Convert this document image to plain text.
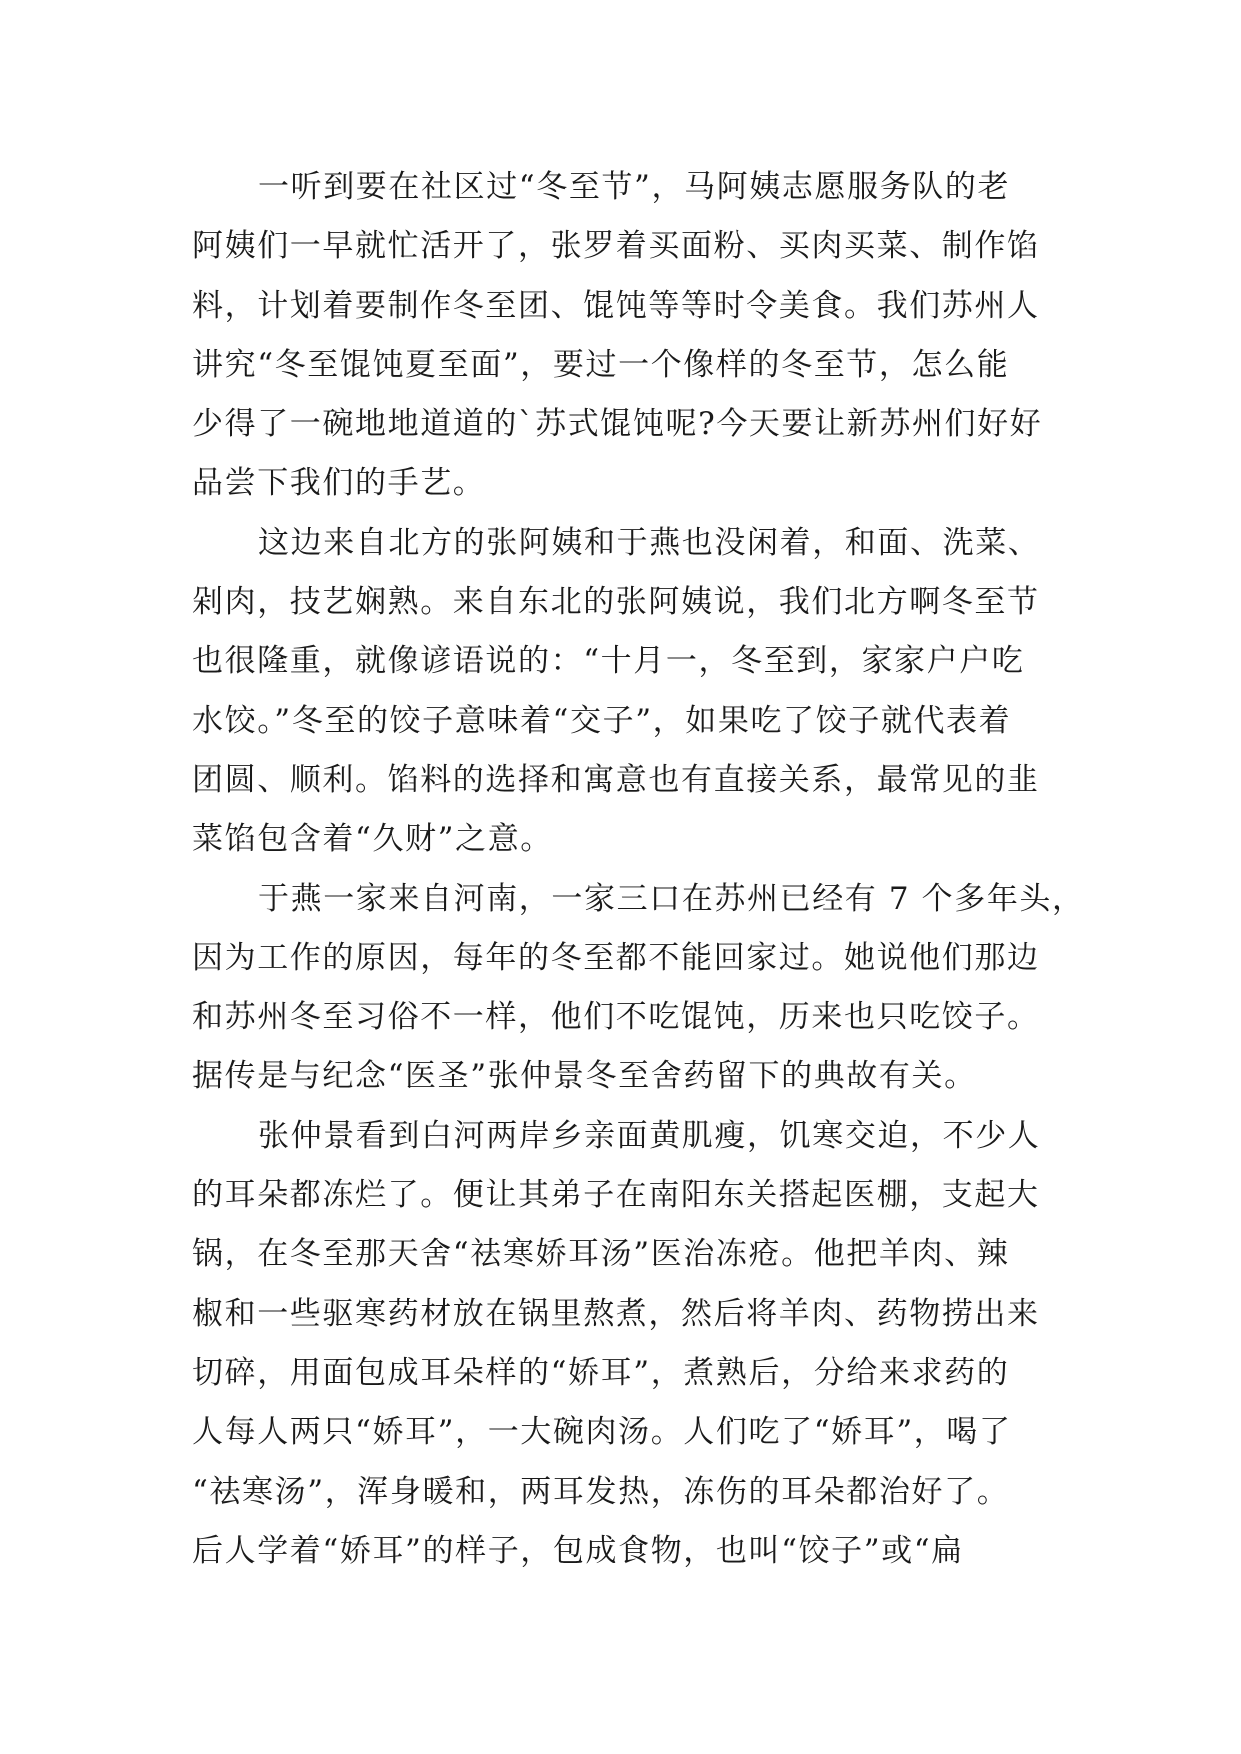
一听到要在社区过“冬至节”，马阿姨志愿服务队的老
阿姨们一早就忙活开了，张罗着买面粉、买肉买菜、制作馅
料，计划着要制作冬至团、馄饨等等时令美食。我们苏州人
讲究“冬至馄饨夏至面”，要过一个像样的冬至节，怎么能
少得了一碗地地道道的`苏式馄饨呢?今天要让新苏州们好好
品尝下我们的手艺。
这边来自北方的张阿姨和于燕也没闲着，和面、洗菜、
剁肉，技艺娴熟。来自东北的张阿姨说，我们北方啊冬至节
也很隆重，就像谚语说的：“十月一，冬至到，家家户户吃
水饺。”冬至的饺子意味着“交子”，如果吃了饺子就代表着
团圆、顺利。馅料的选择和寓意也有直接关系，最常见的韭
菜馅包含着“久财”之意。
于燕一家来自河南，一家三口在苏州已经有 7 个多年头，
因为工作的原因，每年的冬至都不能回家过。她说他们那边
和苏州冬至习俗不一样，他们不吃馄饨，历来也只吃饺子。
据传是与纪念“医圣”张仲景冬至舍药留下的典故有关。
张仲景看到白河两岸乡亲面黄肌瘦，饥寒交迫，不少人
的耳朵都冻烂了。便让其弟子在南阳东关搭起医棚，支起大
锅，在冬至那天舍“祛寒娇耳汤”医治冻疮。他把羊肉、辣
椒和一些驱寒药材放在锅里熬煮，然后将羊肉、药物捞出来
切碎，用面包成耳朵样的“娇耳”，煮熟后，分给来求药的
人每人两只“娇耳”，一大碗肉汤。人们吃了“娇耳”，喝了
“祛寒汤”，浑身暖和，两耳发热，冻伤的耳朵都治好了。
后人学着“娇耳”的样子，包成食物，也叫“饺子”或“扁
